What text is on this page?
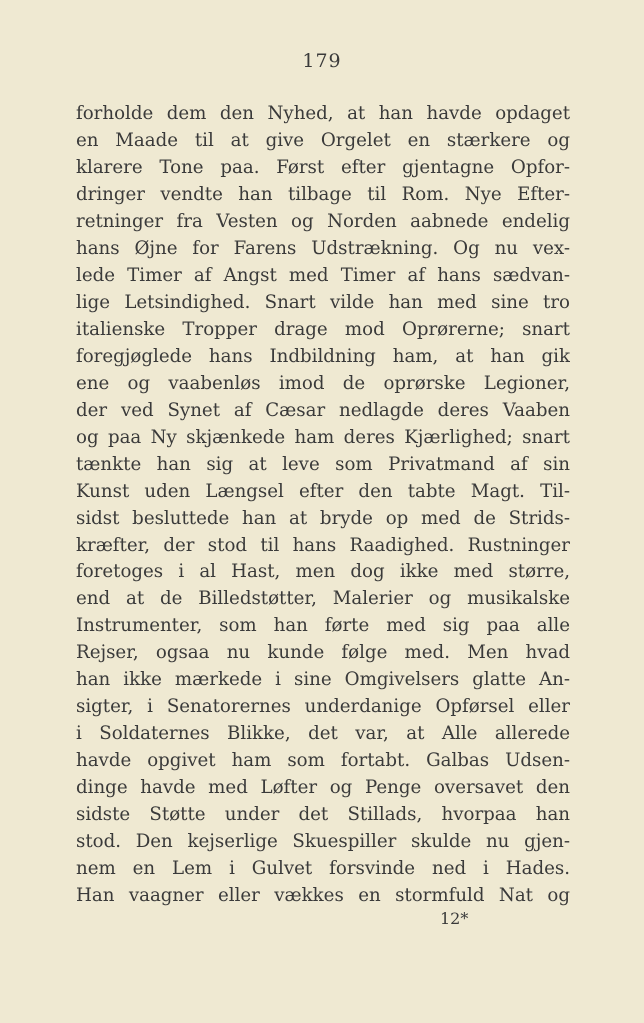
179
forholde dem den Nyhed, at han havde opdaget
en Maade til at give Orgelet en stærkere og
klarere Tone paa. Først efter gjentagne Opfor-
dringer vendte han tilbage til Rom. Nye Efter-
retninger fra Vesten og Norden aabnede endelig
hans Øjne for Farens Udstrækning. Og nu vex-
lede Timer af Angst med Timer af hans sædvan-
lige Letsindighed. Snart vilde han med sine tro
italienske Tropper drage mod Oprørerne; snart
foregjøglede hans Indbildning ham, at han gik
ene og vaabenløs imod de oprørske Legioner,
der ved Synet af Cæsar nedlagde deres Vaaben
og paa Ny skjænkede ham deres Kjærlighed; snart
tænkte han sig at leve som Privatmand af sin
Kunst uden Længsel efter den tabte Magt. Til-
sidst besluttede han at bryde op med de Strids-
kræfter, der stod til hans Raadighed. Rustninger
foretoges i al Hast, men dog ikke med større,
end at de Billedstøtter, Malerier og musikalske
Instrumenter, som han førte med sig paa alle
Rejser, ogsaa nu kunde følge med. Men hvad
han ikke mærkede i sine Omgivelsers glatte An-
sigter, i Senatorernes underdanige Opførsel eller
i Soldaternes Blikke, det var, at Alle allerede
havde opgivet ham som fortabt. Galbas Udsen-
dinge havde med Løfter og Penge oversavet den
sidste Støtte under det Stillads, hvorpaa han
stod. Den kejserlige Skuespiller skulde nu gjen-
nem en Lem i Gulvet forsvinde ned i Hades.
Han vaagner eller vækkes en stormfuld Nat og
12*
